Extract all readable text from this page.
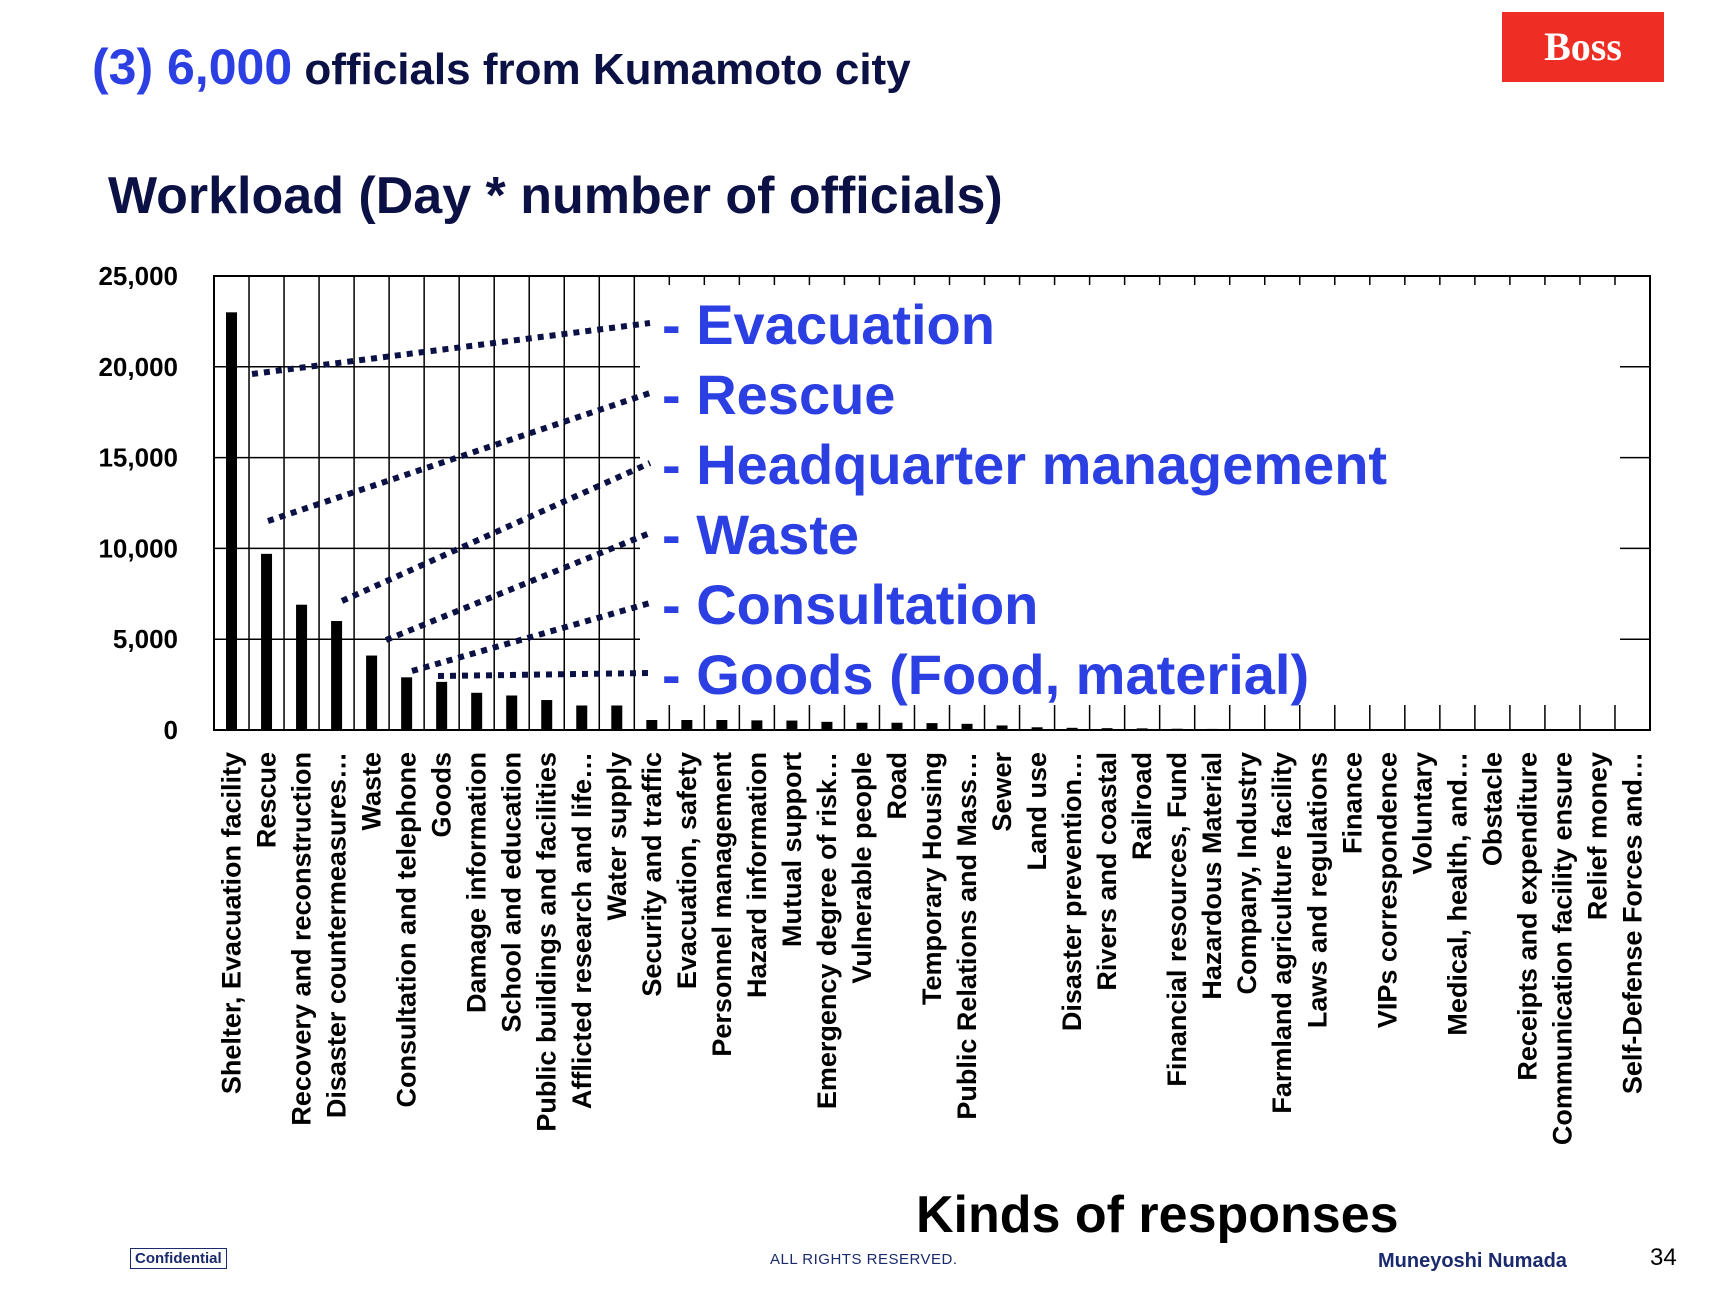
(3) 6,000 officials from Kumamoto city	Boss
Workload (Day * number of officials)
0
5,000
10,000
15,000
20,000
25,000
Shelter, Evacuation facility Rescue Recovery and reconstruction Disaster countermeasures… Waste Consultation and telephone Goods Damage information School and education Public buildings and facilities Afflicted research and life… Water supply Security and traffic Evacuation, safety Personnel management Hazard information Mutual support Emergency degree of risk… Vulnerable people Road Temporary Housing Public Relations and Mass… Sewer Land use Disaster prevention… Rivers and coastal Railroad Financial resources, Fund Hazardous Material Company, Industry Farmland agriculture facility Laws and regulations Finance VIPs correspondence Voluntary Medical, health, and… Obstacle Receipts and expenditure Communication facility ensure Relief money Self-Defense Forces and…
- Evacuation
- Rescue
- Headquarter management
- Waste
- Consultation
- Goods (Food, material)
Kinds of responses
Confidential	ALL RIGHTS RESERVED.	Muneyoshi Numada	34
